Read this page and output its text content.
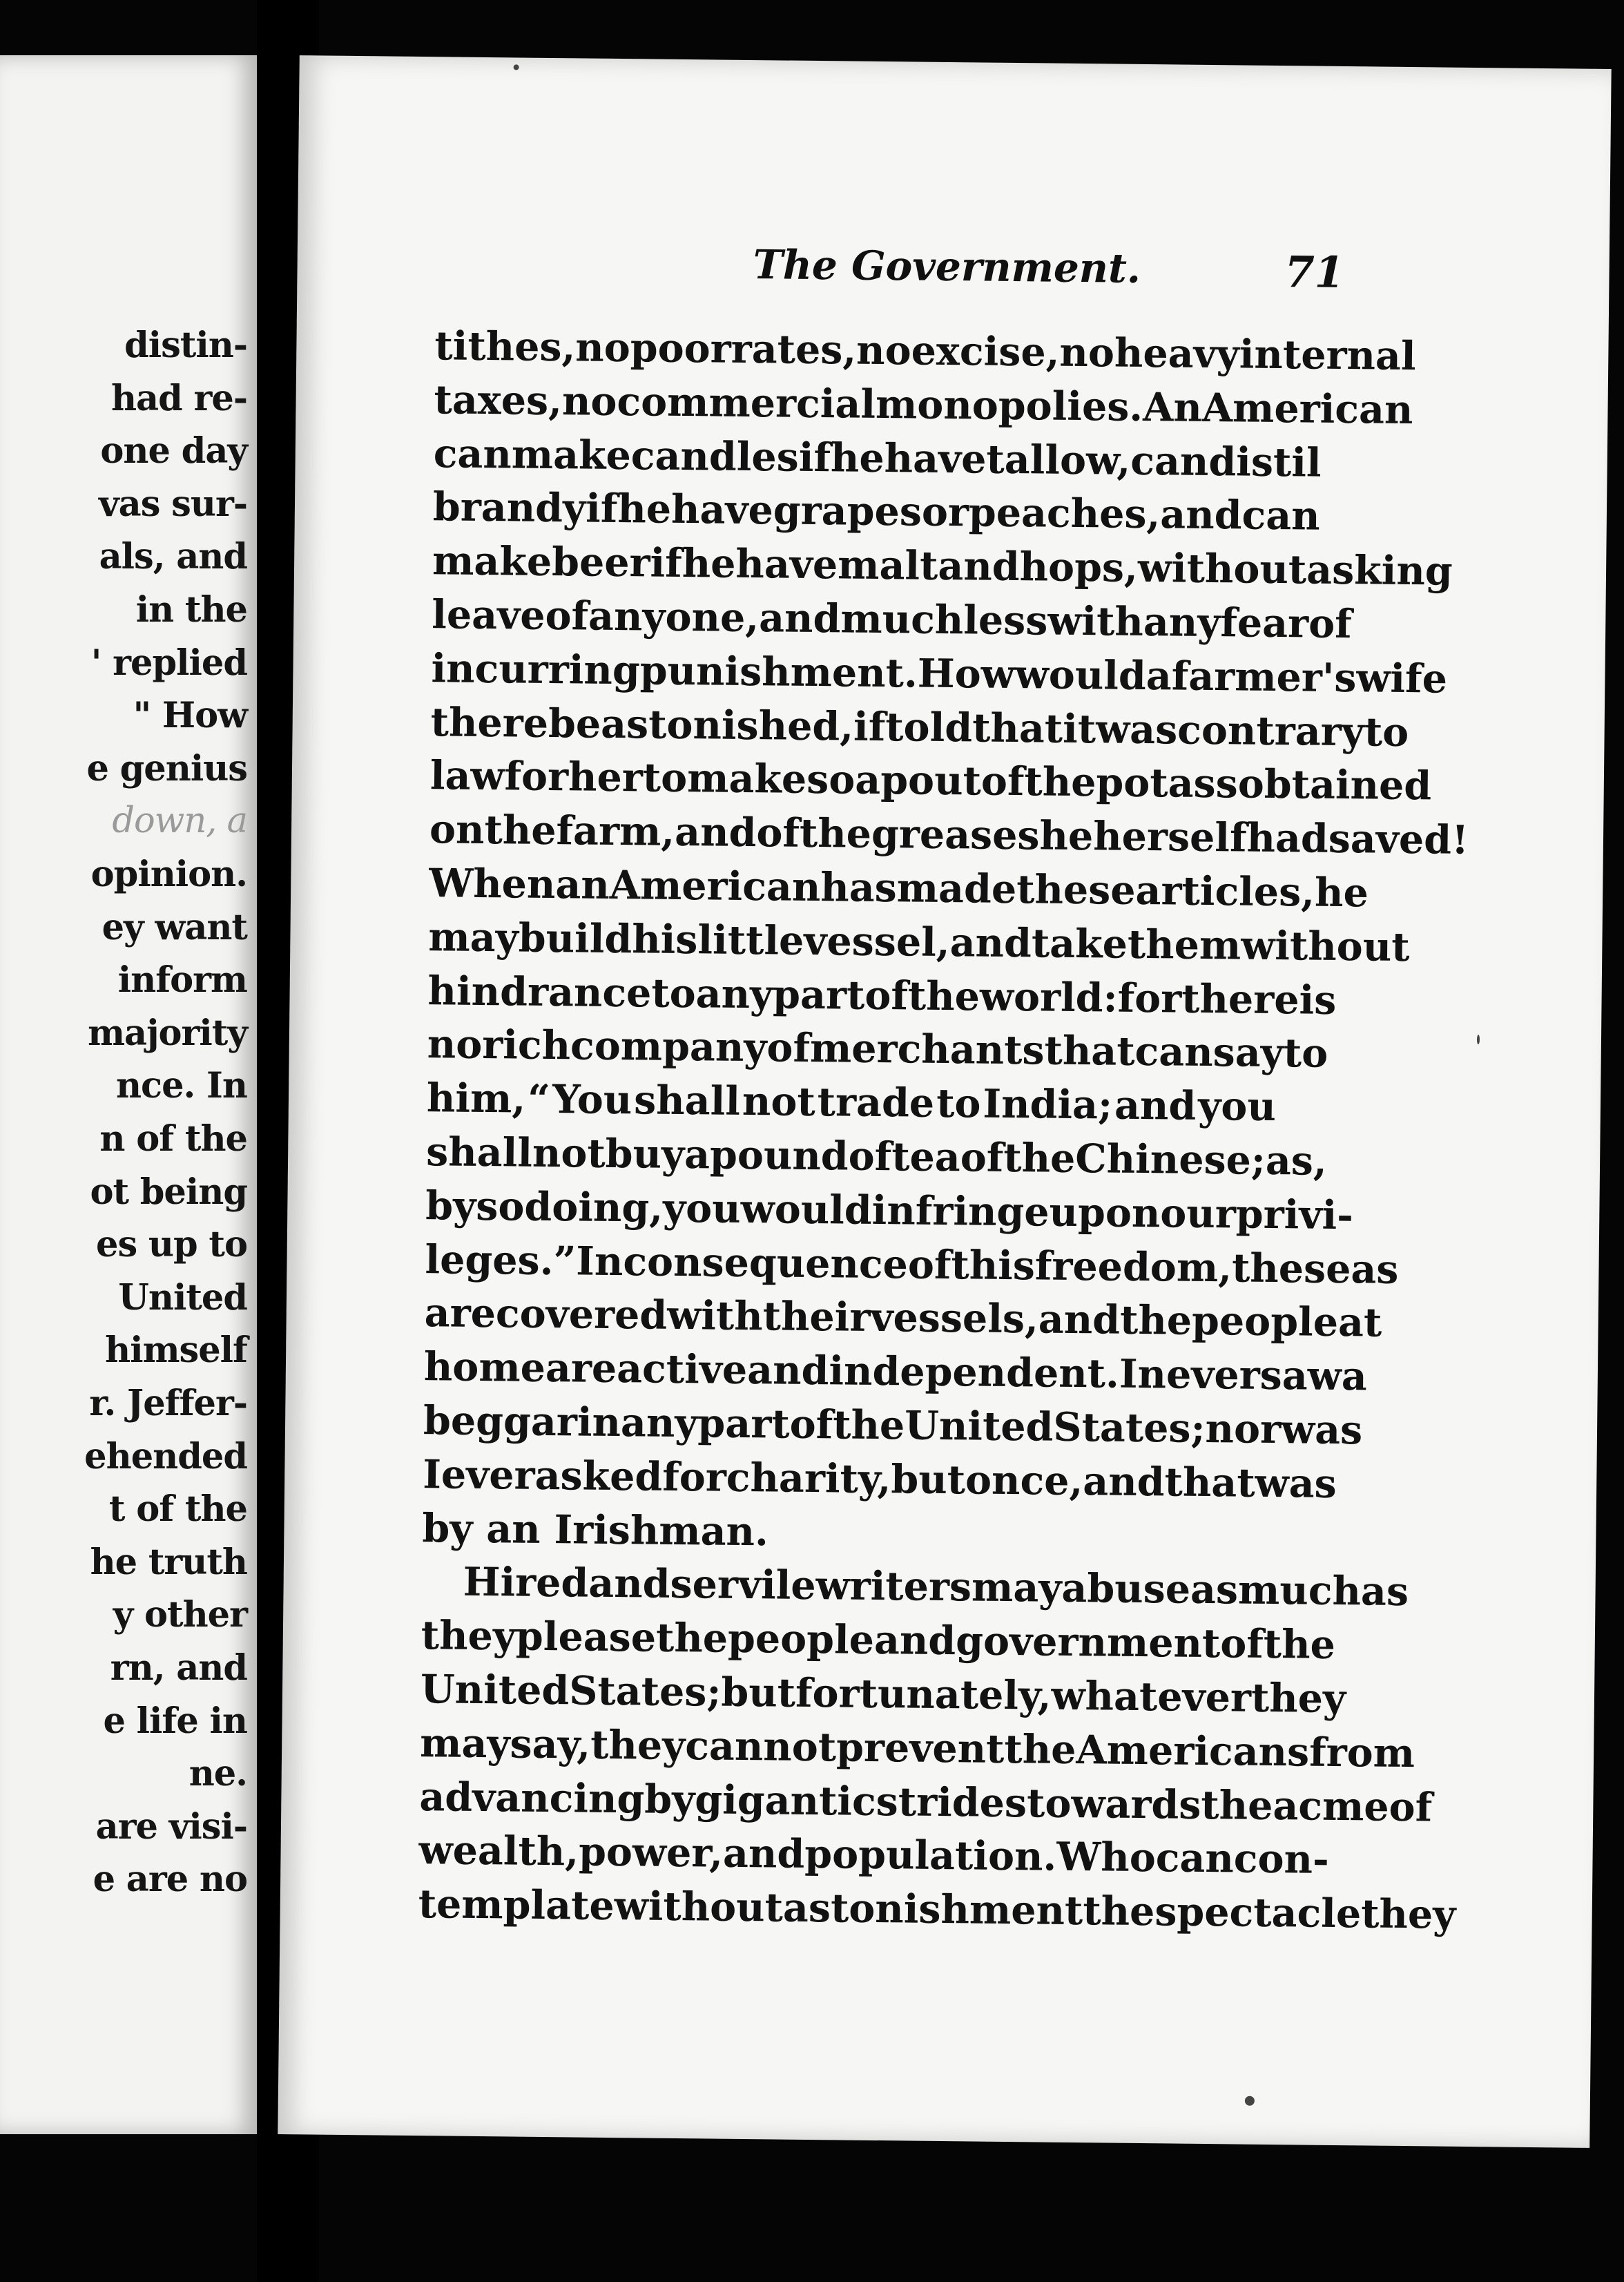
distin-
had re-
one day
vas sur-
als, and
in the
' replied
" How
e genius
down, a
opinion.
ey want
inform
majority
nce. In
n of the
ot being
es up to
United
himself
r. Jeffer-
ehended
t of the
he truth
y other
rn, and
e life in
ne.
are visi-
e are no
The Government.	71
tithes, no poor rates, no excise, no heavy internal
taxes, no commercial monopolies. An American
can make candles if he have tallow, can distil
brandy if he have grapes or peaches, and can
make beer if he have malt and hops, without asking
leave of any one, and much less with any fear of
incurring punishment. How would a farmer's wife
there be astonished, if told that it was contrary to
law for her to make soap out of the potass obtained
on the farm, and of the grease she herself had saved!
When an American has made these articles, he
may build his little vessel, and take them without
hindrance to any part of the world: for there is
no rich company of merchants that can say to
him, “ You shall not trade to India; and you
shall not buy a pound of tea of the Chinese; as,
by so doing, you would infringe upon our privi-
leges.” In consequence of this freedom, the seas
are covered with their vessels, and the people at
home are active and independent. I never saw a
beggar in any part of the United States; nor was
I ever asked for charity, but once, and that was
by an Irishman.
Hired and servile writers may abuse as much as
they please the people and government of the
United States; but fortunately, whatever they
may say, they cannot prevent the Americans from
advancing by gigantic strides towards the acme of
wealth, power, and population. Who can con-
template without astonishment the spectacle they
